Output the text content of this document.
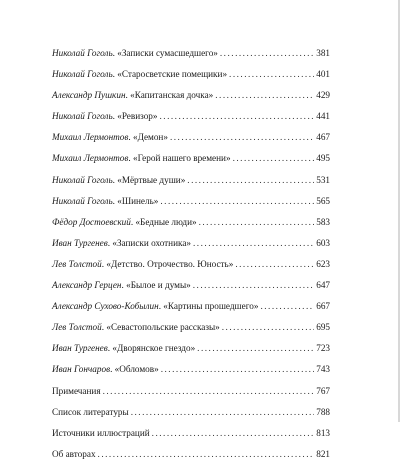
Николай Гоголь. «Записки сумасшедшего» . . .	381
Николай Гоголь. «Старосветские помещики» . . .	401
Александр Пушкин. «Капитанская дочка» . . .	429
Николай Гоголь. «Ревизор» . . .	441
Михаил Лермонтов. «Демон» . . .	467
Михаил Лермонтов. «Герой нашего времени» . . .	495
Николай Гоголь. «Мёртвые души» . . .	531
Николай Гоголь. «Шинель» . . .	565
Фёдор Достоевский. «Бедные люди» . . .	583
Иван Тургенев. «Записки охотника» . . .	603
Лев Толстой. «Детство. Отрочество. Юность» . . .	623
Александр Герцен. «Былое и думы» . . .	647
Александр Сухово-Кобылин. «Картины прошедшего» . . .	667
Лев Толстой. «Севастопольские рассказы» . . .	695
Иван Тургенев. «Дворянское гнездо» . . .	723
Иван Гончаров. «Обломов» . . .	743
Примечания . . .	767
Список литературы . . .	788
Источники иллюстраций . . .	813
Об авторах . . .	821
